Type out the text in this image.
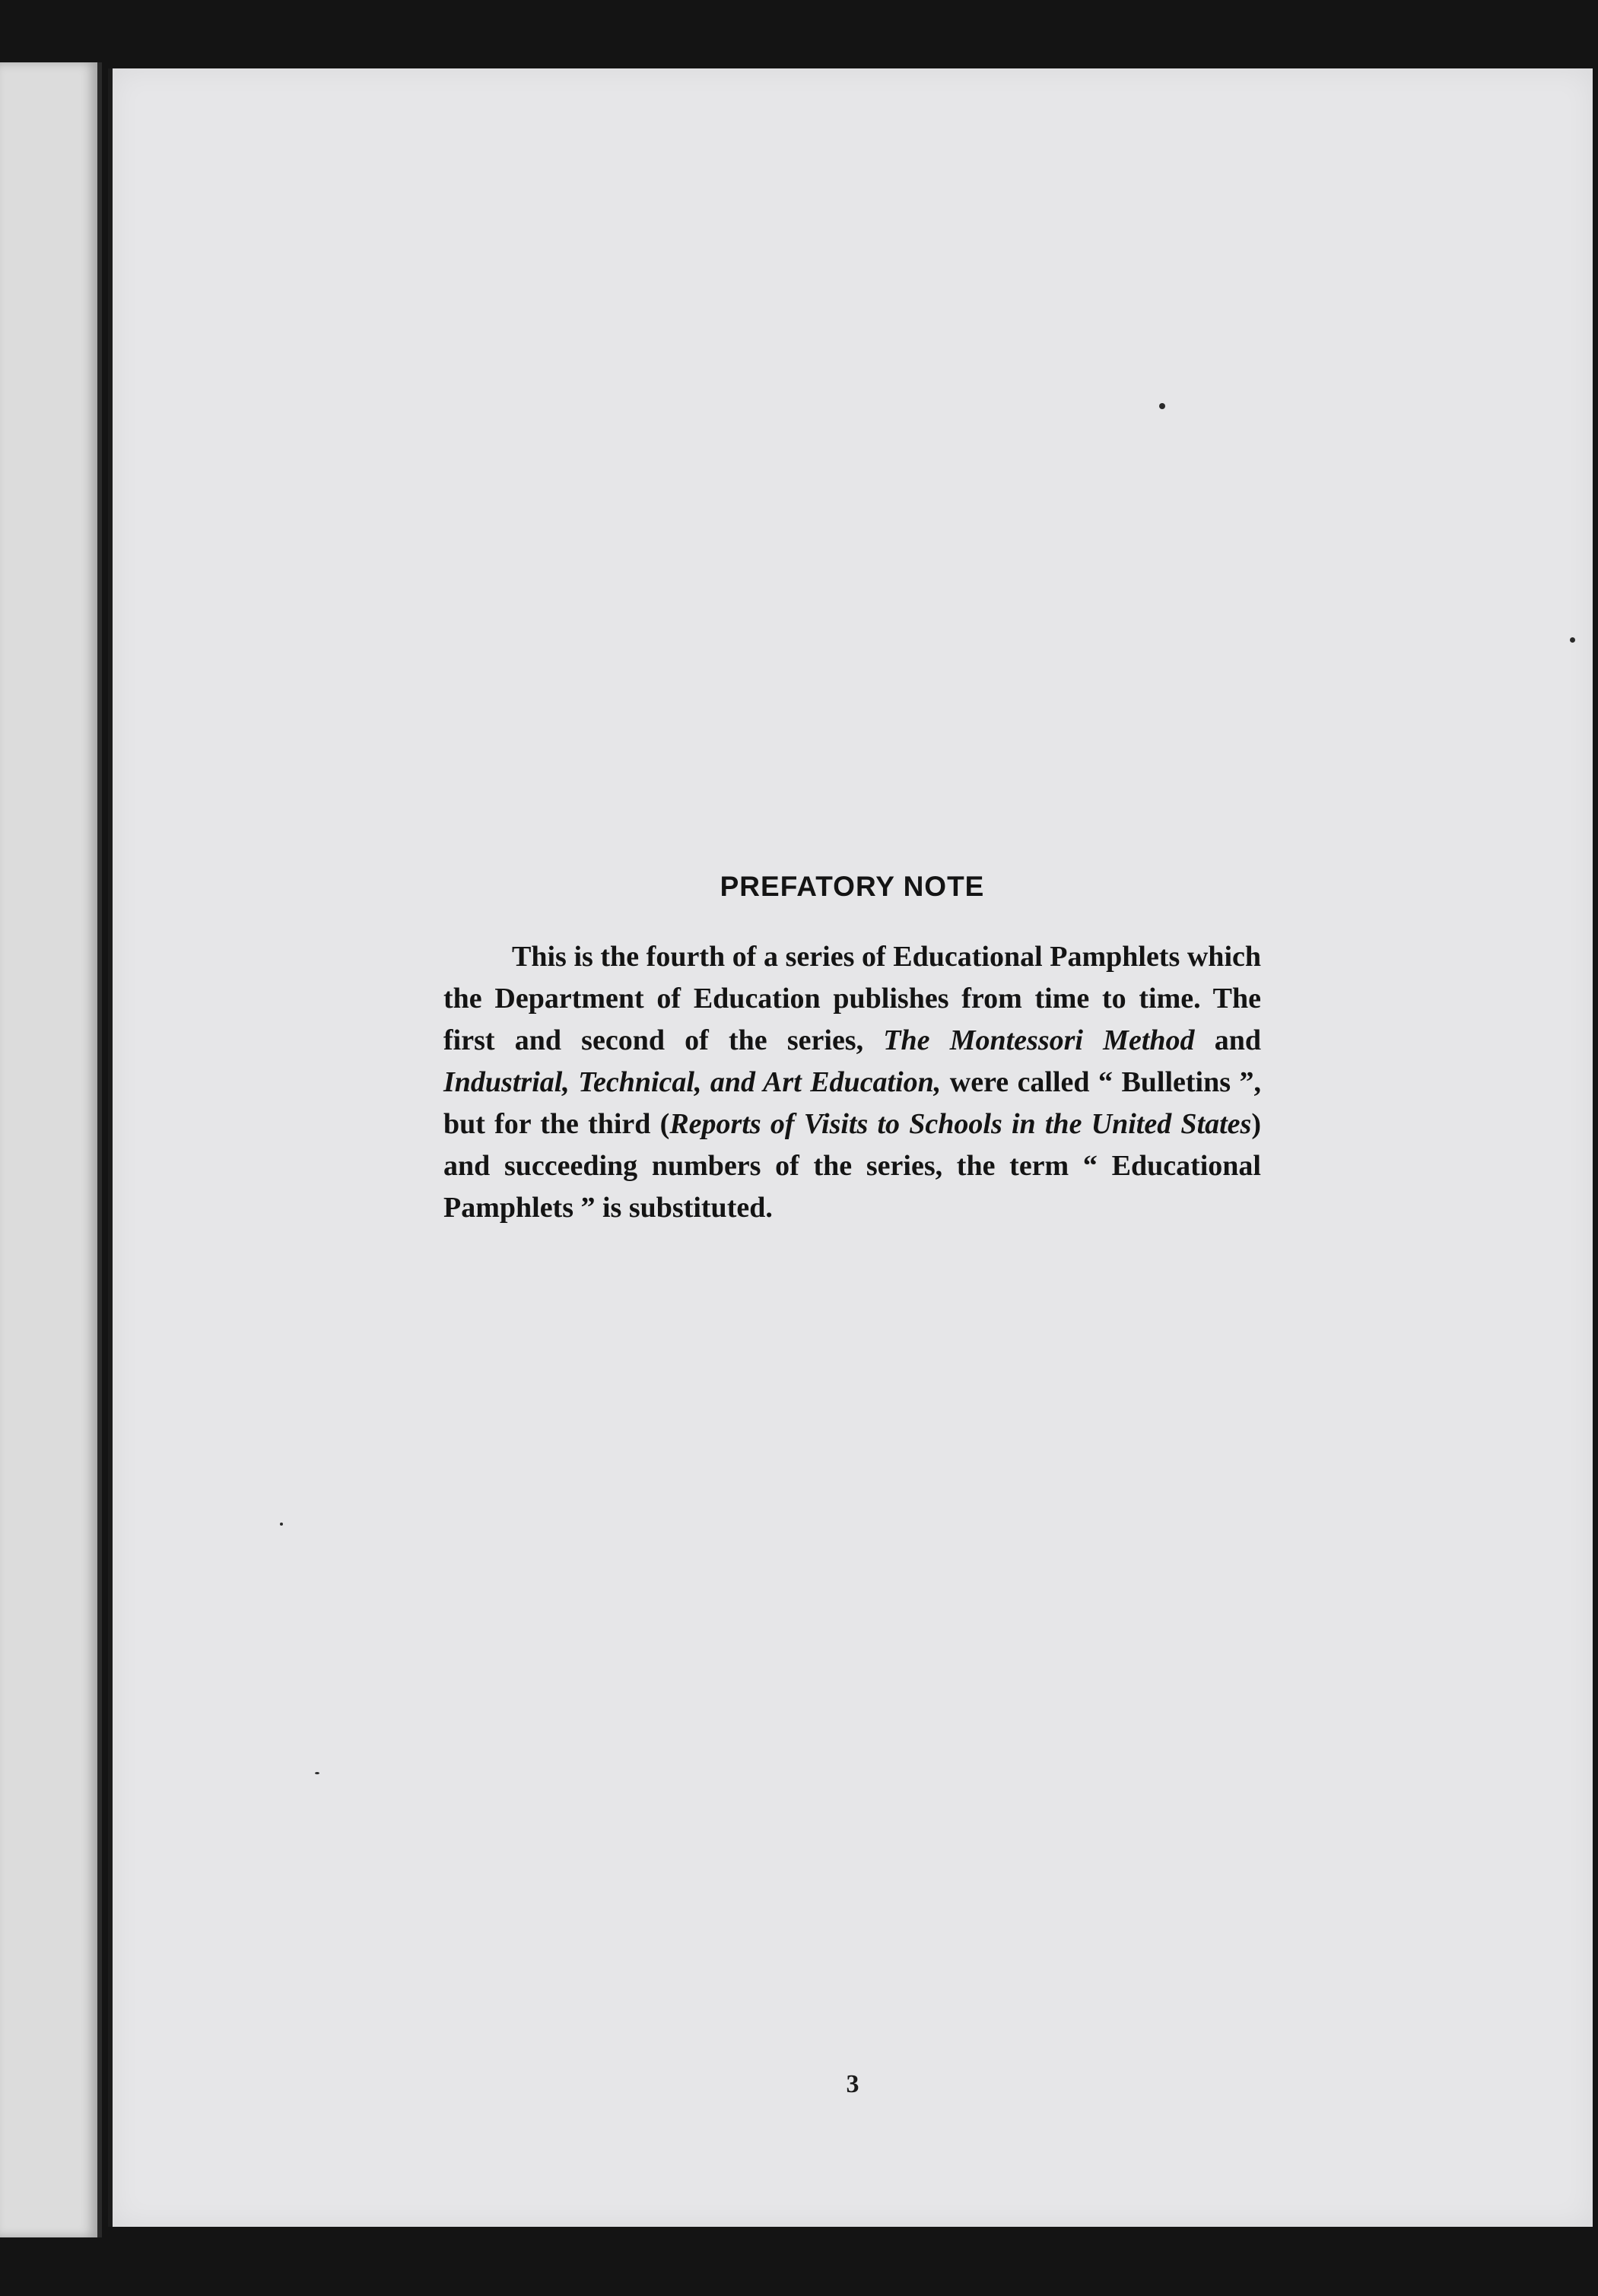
PREFATORY NOTE

This is the fourth of a series of Educational Pamphlets which the Department of Education publishes from time to time. The first and second of the series, The Montessori Method and Industrial, Technical, and Art Education, were called “ Bulletins ”, but for the third (Reports of Visits to Schools in the United States) and succeeding numbers of the series, the term “ Educational Pamphlets ” is substituted.

3
